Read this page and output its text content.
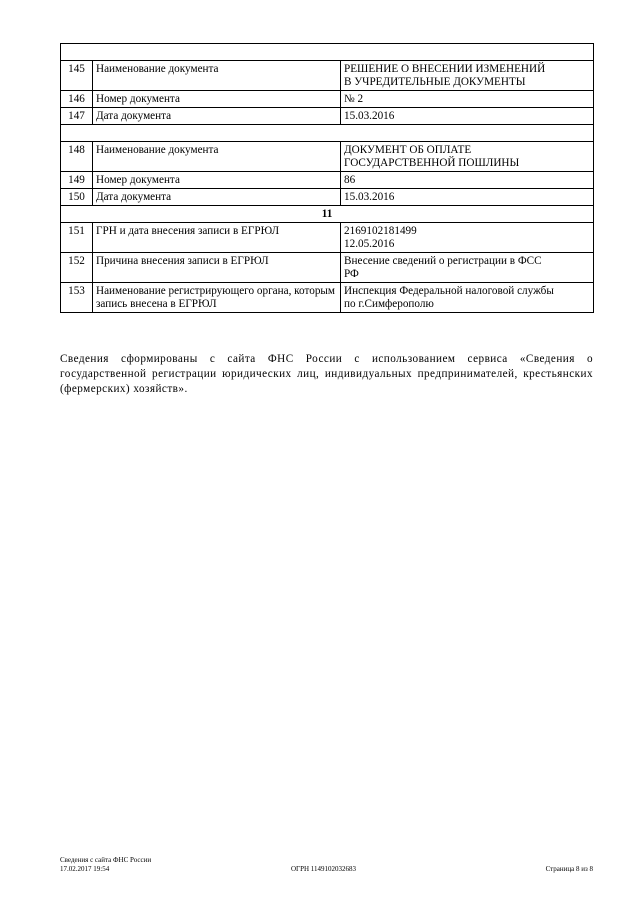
145	Наименование документа	РЕШЕНИЕ О ВНЕСЕНИИ ИЗМЕНЕНИЙ
В УЧРЕДИТЕЛЬНЫЕ ДОКУМЕНТЫ

146	Номер документа	№ 2

147	Дата документа	15.03.2016

148	Наименование документа	ДОКУМЕНТ ОБ ОПЛАТЕ
ГОСУДАРСТВЕННОЙ ПОШЛИНЫ

149	Номер документа	86

150	Дата документа	15.03.2016

11		
151	ГРН и дата внесения записи в ЕГРЮЛ	2169102181499
12.05.2016

152	Причина внесения записи в ЕГРЮЛ	Внесение сведений о регистрации в ФСС
РФ

153	Наименование регистрирующего органа, которым запись внесена в ЕГРЮЛ	Инспекция Федеральной налоговой службы
по г.Симферополю
Сведения сформированы с сайта ФНС России с использованием сервиса «Сведения о государственной регистрации юридических лиц, индивидуальных предпринимателей, крестьянских (фермерских) хозяйств».
Сведения с сайта ФНС России
17.02.2017 19:54	Страница 8 из 8
ОГРН 1149102032683
